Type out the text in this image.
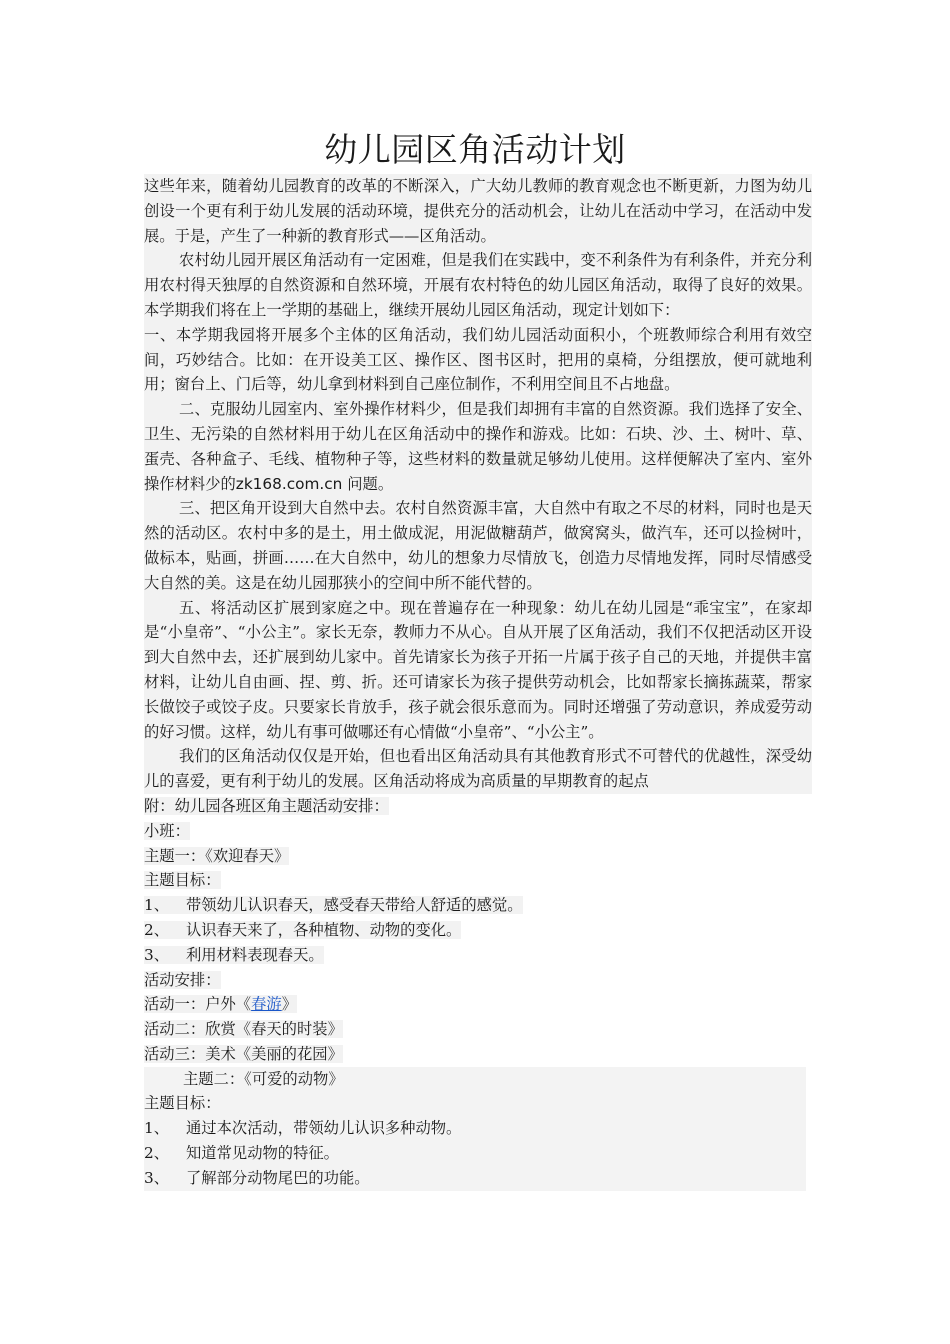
幼儿园区角活动计划

这些年来，随着幼儿园教育的改革的不断深入，广大幼儿教师的教育观念也不断更新，力图为幼儿创设一个更有利于幼儿发展的活动环境，提供充分的活动机会，让幼儿在活动中学习，在活动中发展。于是，产生了一种新的教育形式——区角活动。

农村幼儿园开展区角活动有一定困难，但是我们在实践中，变不利条件为有利条件，并充分利用农村得天独厚的自然资源和自然环境，开展有农村特色的幼儿园区角活动，取得了良好的效果。本学期我们将在上一学期的基础上，继续开展幼儿园区角活动，现定计划如下：

一、本学期我园将开展多个主体的区角活动，我们幼儿园活动面积小，个班教师综合利用有效空间，巧妙结合。比如：在开设美工区、操作区、图书区时，把用的桌椅，分组摆放，便可就地利用；窗台上、门后等，幼儿拿到材料到自己座位制作，不利用空间且不占地盘。

二、克服幼儿园室内、室外操作材料少，但是我们却拥有丰富的自然资源。我们选择了安全、卫生、无污染的自然材料用于幼儿在区角活动中的操作和游戏。比如：石块、沙、土、树叶、草、蛋壳、各种盒子、毛线、植物种子等，这些材料的数量就足够幼儿使用。这样便解决了室内、室外操作材料少的zk168.com.cn 问题。

三、把区角开设到大自然中去。农村自然资源丰富，大自然中有取之不尽的材料，同时也是天然的活动区。农村中多的是土，用土做成泥，用泥做糖葫芦，做窝窝头，做汽车，还可以捡树叶，做标本，贴画，拼画……在大自然中，幼儿的想象力尽情放飞，创造力尽情地发挥，同时尽情感受大自然的美。这是在幼儿园那狭小的空间中所不能代替的。

五、将活动区扩展到家庭之中。现在普遍存在一种现象：幼儿在幼儿园是“乖宝宝”，在家却是“小皇帝”、“小公主”。家长无奈，教师力不从心。自从开展了区角活动，我们不仅把活动区开设到大自然中去，还扩展到幼儿家中。首先请家长为孩子开拓一片属于孩子自己的天地，并提供丰富材料，让幼儿自由画、捏、剪、折。还可请家长为孩子提供劳动机会，比如帮家长摘拣蔬菜，帮家长做饺子或饺子皮。只要家长肯放手，孩子就会很乐意而为。同时还增强了劳动意识，养成爱劳动的好习惯。这样，幼儿有事可做哪还有心情做“小皇帝”、“小公主”。

我们的区角活动仅仅是开始，但也看出区角活动具有其他教育形式不可替代的优越性，深受幼儿的喜爱，更有利于幼儿的发展。区角活动将成为高质量的早期教育的起点

附：幼儿园各班区角主题活动安排：

小班：

主题一：《欢迎春天》

主题目标：

1、 带领幼儿认识春天，感受春天带给人舒适的感觉。

2、 认识春天来了，各种植物、动物的变化。

3、 利用材料表现春天。

活动安排：

活动一：户外《春游》

活动二：欣赏《春天的时装》

活动三：美术《美丽的花园》

主题二：《可爱的动物》

主题目标：

1、 通过本次活动，带领幼儿认识多种动物。

2、 知道常见动物的特征。

3、 了解部分动物尾巴的功能。
